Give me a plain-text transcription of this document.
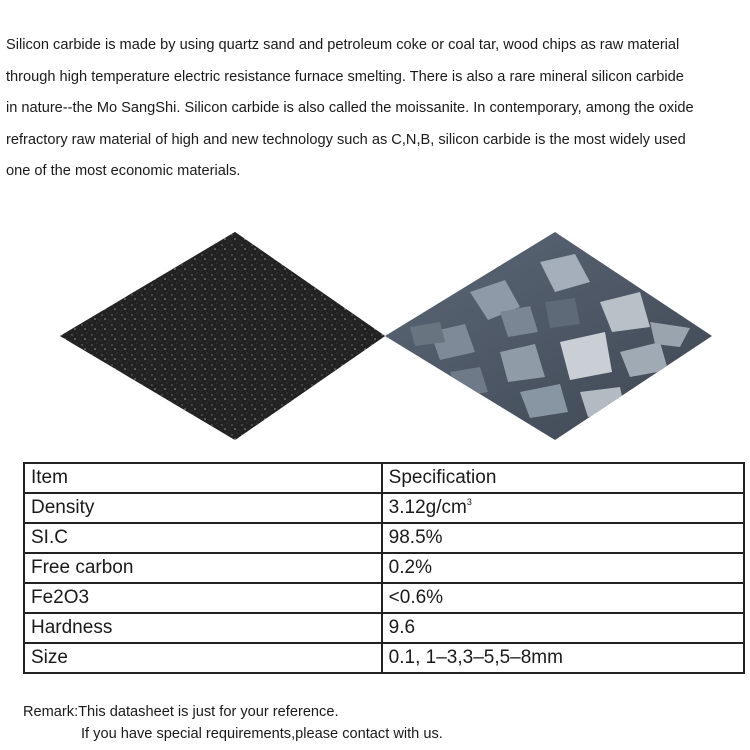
Silicon carbide is made by using quartz sand and petroleum coke or coal tar, wood chips as raw material
through high temperature electric resistance furnace smelting. There is also a rare mineral silicon carbide
in nature--the Mo SangShi. Silicon carbide is also called the moissanite. In contemporary, among the oxide
refractory raw material of high and new technology such as C,N,B, silicon carbide is the most widely used
one of the most economic materials.
Item	Specification
Density	$3.12g/cm^3$
SI.C	98.5%
Free carbon	0.2%
Fe2O3	<0.6%
Hardness	9.6
Size	0.1, 1–3,3–5,5–8mm
Remark:This datasheet is just for your reference.
If you have special requirements,please contact with us.
